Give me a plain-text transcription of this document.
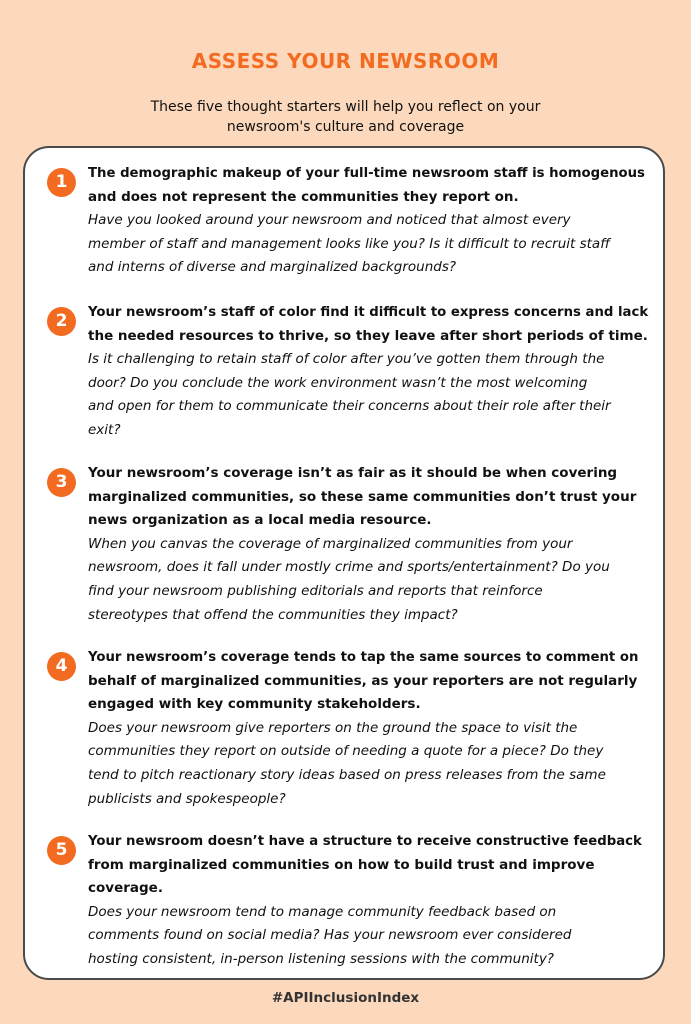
ASSESS YOUR NEWSROOM
These five thought starters will help you reflect on your
newsroom's culture and coverage
1	The demographic makeup of your full-time newsroom staff is homogenous
and does not represent the communities they report on.
Have you looked around your newsroom and noticed that almost every
member of staff and management looks like you? Is it difficult to recruit staff
and interns of diverse and marginalized backgrounds?
2	Your newsroom’s staff of color find it difficult to express concerns and lack
the needed resources to thrive, so they leave after short periods of time.
Is it challenging to retain staff of color after you’ve gotten them through the
door? Do you conclude the work environment wasn’t the most welcoming
and open for them to communicate their concerns about their role after their
exit?
3	Your newsroom’s coverage isn’t as fair as it should be when covering
marginalized communities, so these same communities don’t trust your
news organization as a local media resource.
When you canvas the coverage of marginalized communities from your
newsroom, does it fall under mostly crime and sports/entertainment? Do you
find your newsroom publishing editorials and reports that reinforce
stereotypes that offend the communities they impact?
4	Your newsroom’s coverage tends to tap the same sources to comment on
behalf of marginalized communities, as your reporters are not regularly
engaged with key community stakeholders.
Does your newsroom give reporters on the ground the space to visit the
communities they report on outside of needing a quote for a piece? Do they
tend to pitch reactionary story ideas based on press releases from the same
publicists and spokespeople?
5	Your newsroom doesn’t have a structure to receive constructive feedback
from marginalized communities on how to build trust and improve
coverage.
Does your newsroom tend to manage community feedback based on
comments found on social media? Has your newsroom ever considered
hosting consistent, in-person listening sessions with the community?
#APIInclusionIndex
